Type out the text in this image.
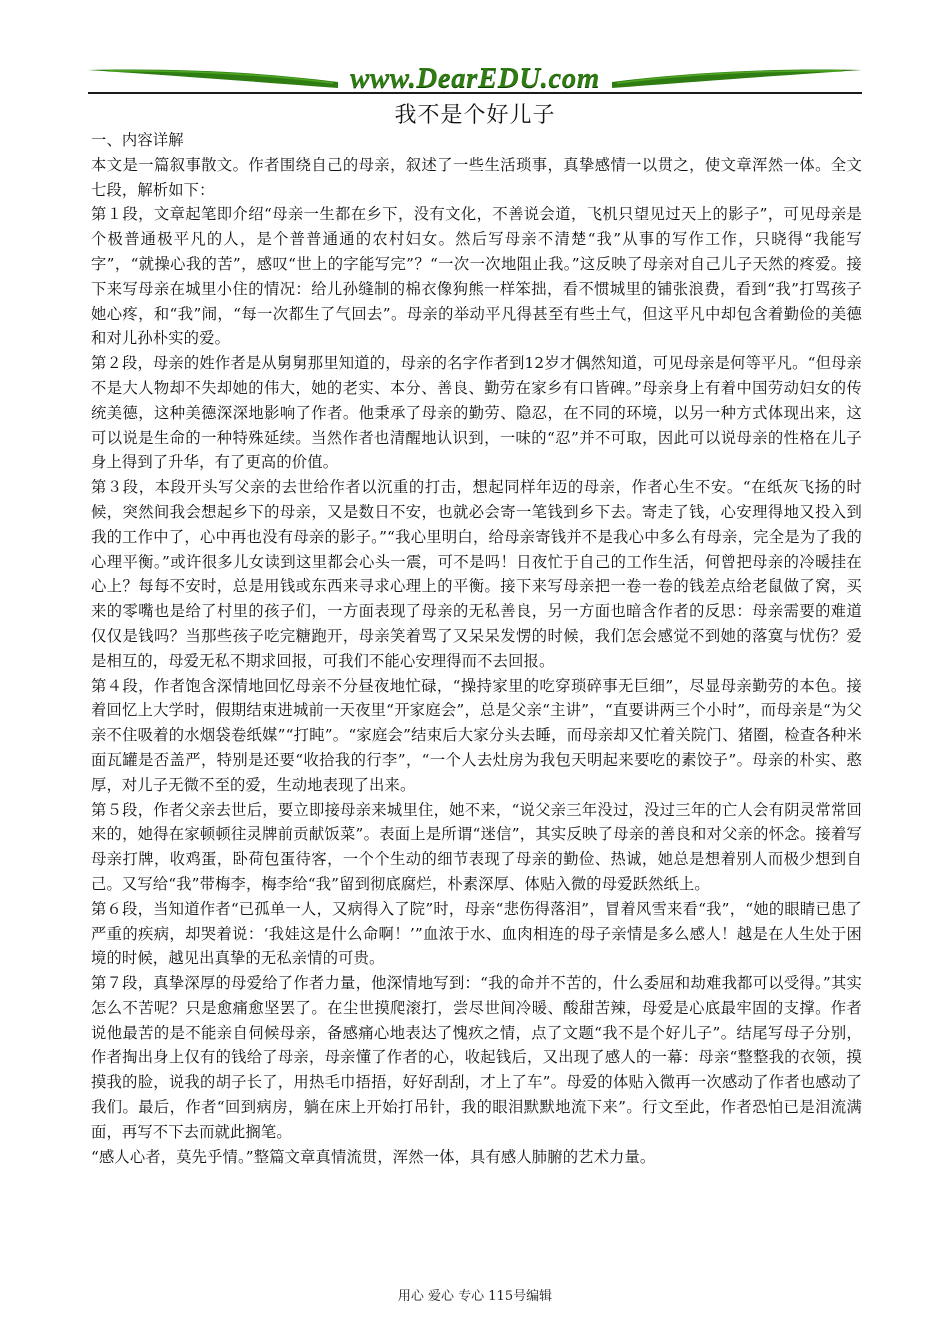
www.DearEDU.com
我不是个好儿子

一、内容详解

本文是一篇叙事散文。作者围绕自己的母亲，叙述了一些生活琐事，真挚感情一以贯之，使文章浑然一体。全文七段，解析如下：

第１段，文章起笔即介绍“母亲一生都在乡下，没有文化，不善说会道，飞机只望见过天上的影子”，可见母亲是个极普通极平凡的人，是个普普通通的农村妇女。然后写母亲不清楚“我”从事的写作工作，只晓得“我能写字”，“就操心我的苦”，感叹“世上的字能写完”？“一次一次地阻止我。”这反映了母亲对自己儿子天然的疼爱。接下来写母亲在城里小住的情况：给儿孙缝制的棉衣像狗熊一样笨拙，看不惯城里的铺张浪费，看到“我”打骂孩子她心疼，和“我”闹，“每一次都生了气回去”。母亲的举动平凡得甚至有些土气，但这平凡中却包含着勤俭的美德和对儿孙朴实的爱。

第２段，母亲的姓作者是从舅舅那里知道的，母亲的名字作者到12岁才偶然知道，可见母亲是何等平凡。“但母亲不是大人物却不失却她的伟大，她的老实、本分、善良、勤劳在家乡有口皆碑。”母亲身上有着中国劳动妇女的传统美德，这种美德深深地影响了作者。他秉承了母亲的勤劳、隐忍，在不同的环境，以另一种方式体现出来，这可以说是生命的一种特殊延续。当然作者也清醒地认识到，一味的“忍”并不可取，因此可以说母亲的性格在儿子身上得到了升华，有了更高的价值。

第３段，本段开头写父亲的去世给作者以沉重的打击，想起同样年迈的母亲，作者心生不安。“在纸灰飞扬的时候，突然间我会想起乡下的母亲，又是数日不安，也就必会寄一笔钱到乡下去。寄走了钱，心安理得地又投入到我的工作中了，心中再也没有母亲的影子。”“我心里明白，给母亲寄钱并不是我心中多么有母亲，完全是为了我的心理平衡。”或许很多儿女读到这里都会心头一震，可不是吗！日夜忙于自己的工作生活，何曾把母亲的冷暖挂在心上？每每不安时，总是用钱或东西来寻求心理上的平衡。接下来写母亲把一卷一卷的钱差点给老鼠做了窝，买来的零嘴也是给了村里的孩子们，一方面表现了母亲的无私善良，另一方面也暗含作者的反思：母亲需要的难道仅仅是钱吗？当那些孩子吃完糖跑开，母亲笑着骂了又呆呆发愣的时候，我们怎会感觉不到她的落寞与忧伤？爱是相互的，母爱无私不期求回报，可我们不能心安理得而不去回报。

第４段，作者饱含深情地回忆母亲不分昼夜地忙碌，“操持家里的吃穿琐碎事无巨细”，尽显母亲勤劳的本色。接着回忆上大学时，假期结束进城前一天夜里“开家庭会”，总是父亲“主讲”，“直要讲两三个小时”，而母亲是“为父亲不住吸着的水烟袋卷纸媒”“打盹”。“家庭会”结束后大家分头去睡，而母亲却又忙着关院门、猪圈，检查各种米面瓦罐是否盖严，特别是还要“收拾我的行李”，“一个人去灶房为我包天明起来要吃的素饺子”。母亲的朴实、憨厚，对儿子无微不至的爱，生动地表现了出来。

第５段，作者父亲去世后，要立即接母亲来城里住，她不来，“说父亲三年没过，没过三年的亡人会有阴灵常常回来的，她得在家顿顿往灵牌前贡献饭菜”。表面上是所谓“迷信”，其实反映了母亲的善良和对父亲的怀念。接着写母亲打牌，收鸡蛋，卧荷包蛋待客，一个个生动的细节表现了母亲的勤俭、热诚，她总是想着别人而极少想到自己。又写给“我”带梅李，梅李给“我”留到彻底腐烂，朴素深厚、体贴入微的母爱跃然纸上。

第６段，当知道作者“已孤单一人，又病得入了院”时，母亲“悲伤得落泪”，冒着风雪来看“我”，“她的眼睛已患了严重的疾病，却哭着说：‘我娃这是什么命啊！’”血浓于水、血肉相连的母子亲情是多么感人！越是在人生处于困境的时候，越见出真挚的无私亲情的可贵。

第７段，真挚深厚的母爱给了作者力量，他深情地写到：“我的命并不苦的，什么委屈和劫难我都可以受得。”其实怎么不苦呢？只是愈痛愈坚罢了。在尘世摸爬滚打，尝尽世间冷暖、酸甜苦辣，母爱是心底最牢固的支撑。作者说他最苦的是不能亲自伺候母亲，备感痛心地表达了愧疚之情，点了文题“我不是个好儿子”。结尾写母子分别，作者掏出身上仅有的钱给了母亲，母亲懂了作者的心，收起钱后，又出现了感人的一幕：母亲“整整我的衣领，摸摸我的脸，说我的胡子长了，用热毛巾捂捂，好好刮刮，才上了车”。母爱的体贴入微再一次感动了作者也感动了我们。最后，作者“回到病房，躺在床上开始打吊针，我的眼泪默默地流下来”。行文至此，作者恐怕已是泪流满面，再写不下去而就此搁笔。

“感人心者，莫先乎情。”整篇文章真情流贯，浑然一体，具有感人肺腑的艺术力量。

用心 爱心 专心 115号编辑
